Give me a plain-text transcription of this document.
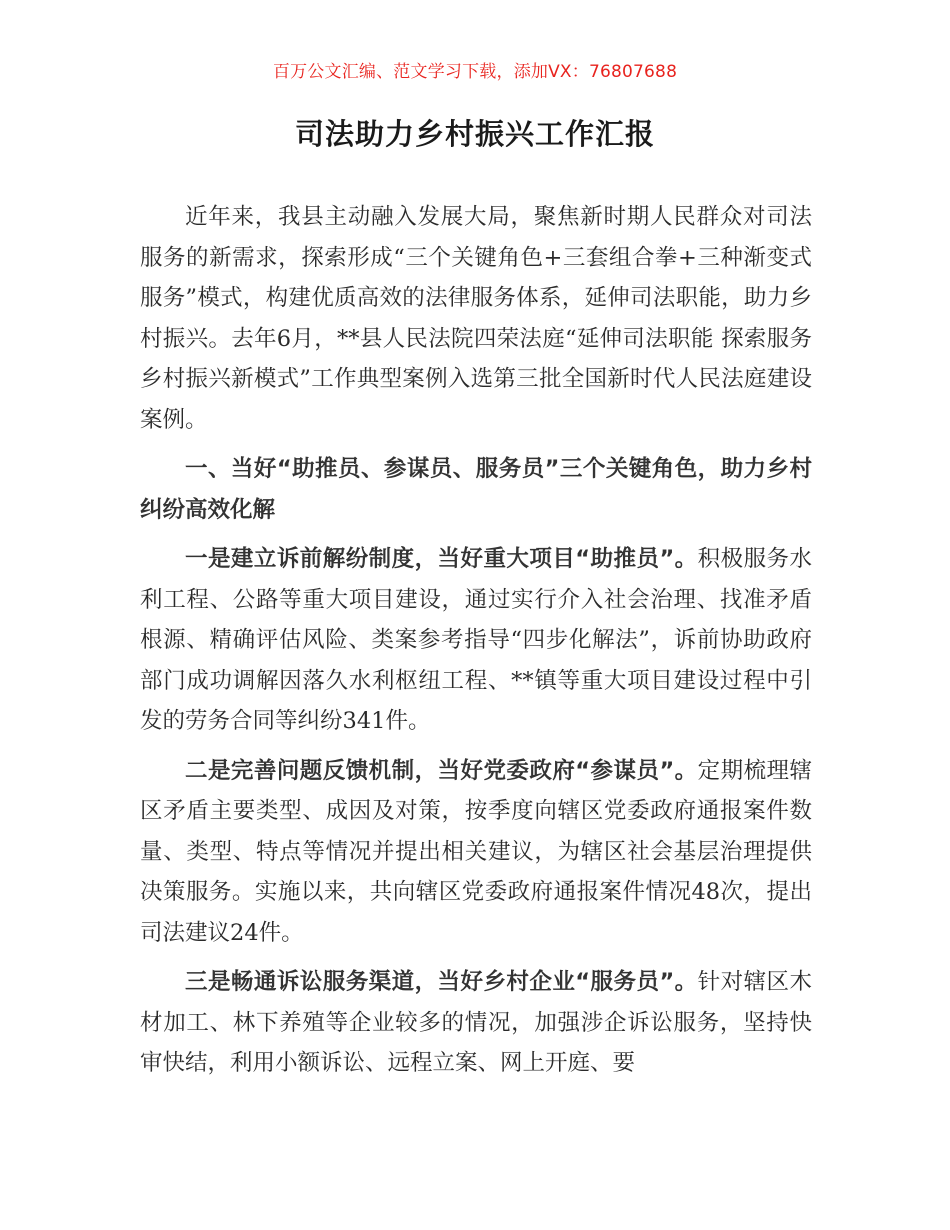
百万公文汇编、范文学习下载，添加VX：76807688
司法助力乡村振兴工作汇报

近年来，我县主动融入发展大局，聚焦新时期人民群众对司法服务的新需求，探索形成“三个关键角色+三套组合拳+三种渐变式服务”模式，构建优质高效的法律服务体系，延伸司法职能，助力乡村振兴。去年6月，**县人民法院四荣法庭“延伸司法职能 探索服务乡村振兴新模式”工作典型案例入选第三批全国新时代人民法庭建设案例。

一、当好“助推员、参谋员、服务员”三个关键角色，助力乡村纠纷高效化解

一是建立诉前解纷制度，当好重大项目“助推员”。积极服务水利工程、公路等重大项目建设，通过实行介入社会治理、找准矛盾根源、精确评估风险、类案参考指导“四步化解法”，诉前协助政府部门成功调解因落久水利枢纽工程、**镇等重大项目建设过程中引发的劳务合同等纠纷341件。

二是完善问题反馈机制，当好党委政府“参谋员”。定期梳理辖区矛盾主要类型、成因及对策，按季度向辖区党委政府通报案件数量、类型、特点等情况并提出相关建议，为辖区社会基层治理提供决策服务。实施以来，共向辖区党委政府通报案件情况48次，提出司法建议24件。

三是畅通诉讼服务渠道，当好乡村企业“服务员”。针对辖区木材加工、林下养殖等企业较多的情况，加强涉企诉讼服务，坚持快审快结，利用小额诉讼、远程立案、网上开庭、要
